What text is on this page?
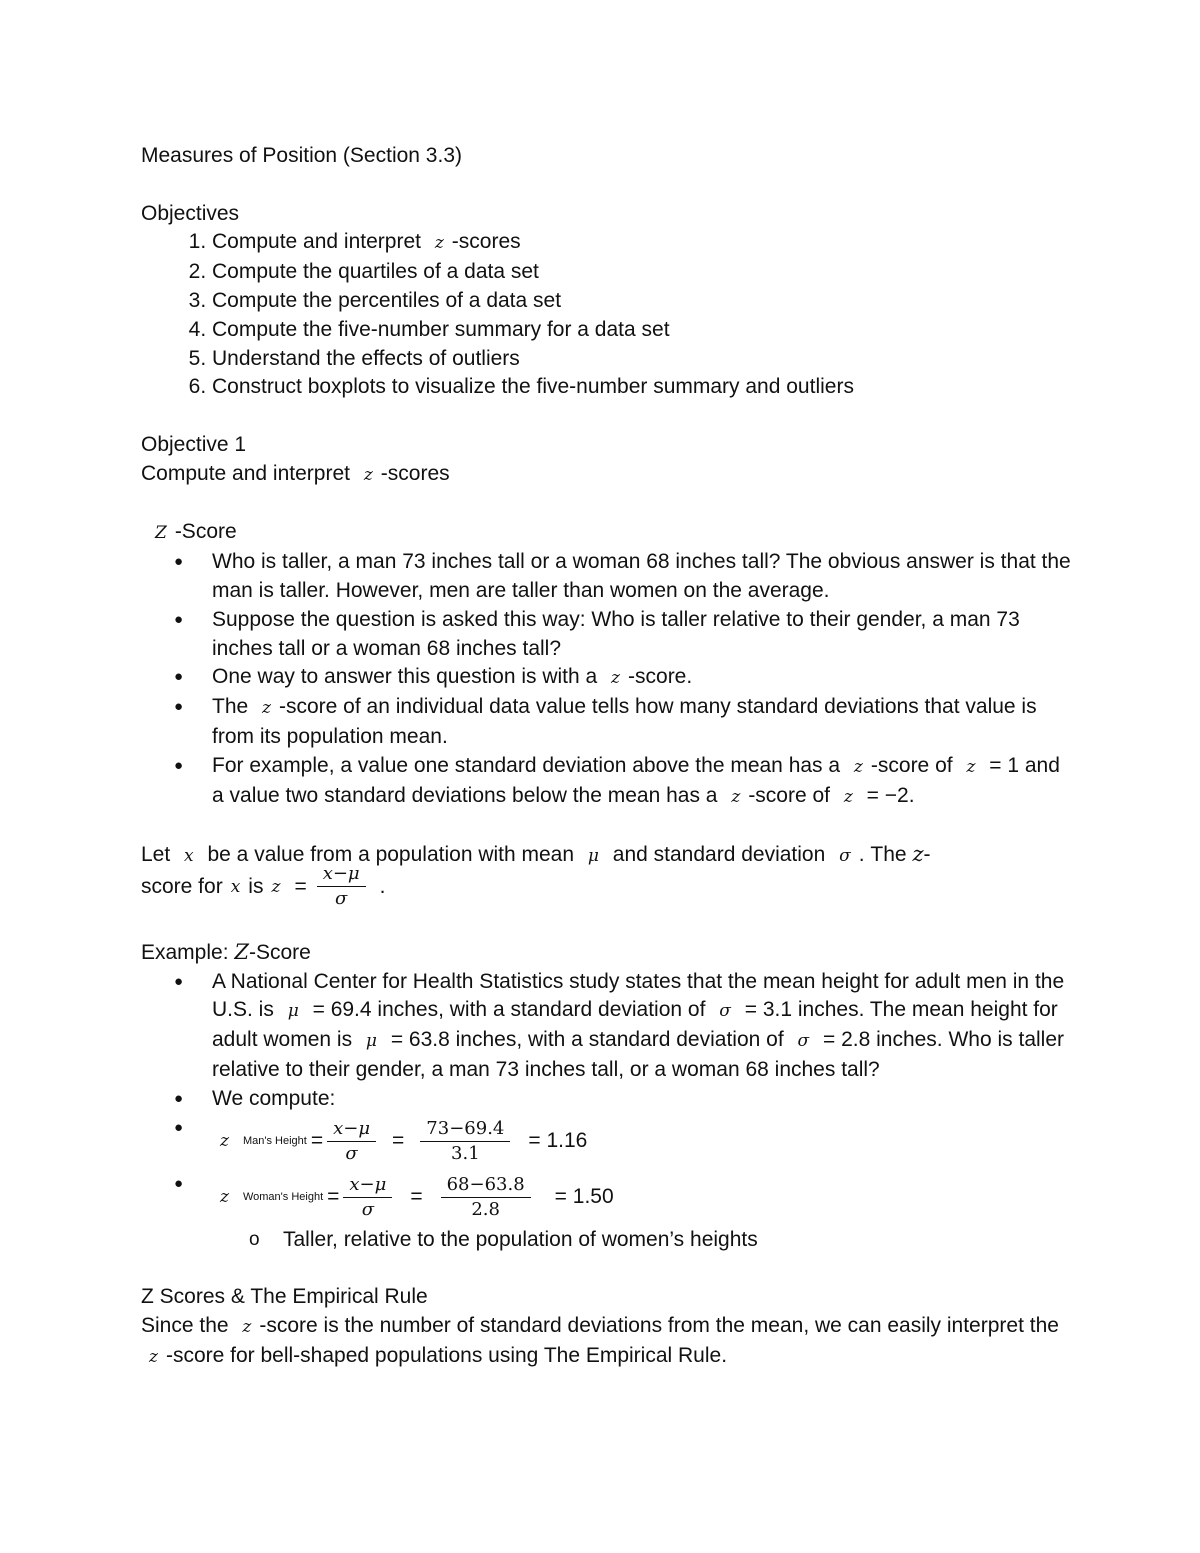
Measures of Position (Section 3.3)
Objectives
1. Compute and interpret z -scores
2. Compute the quartiles of a data set
3. Compute the percentiles of a data set
4. Compute the five-number summary for a data set
5. Understand the effects of outliers
6. Construct boxplots to visualize the five-number summary and outliers
Objective 1
Compute and interpret z -scores
Z -Score
● Who is taller, a man 73 inches tall or a woman 68 inches tall? The obvious answer is that the man is taller. However, men are taller than women on the average.
● Suppose the question is asked this way: Who is taller relative to their gender, a man 73 inches tall or a woman 68 inches tall?
● One way to answer this question is with a z -score.
● The z -score of an individual data value tells how many standard deviations that value is from its population mean.
● For example, a value one standard deviation above the mean has a z -score of z = 1 and a value two standard deviations below the mean has a z -score of z = −2.
Let x be a value from a population with mean μ and standard deviation σ . The z-
score for x is $z = \frac{x-\mu}{\sigma}$ .
Example: Z-Score
● A National Center for Health Statistics study states that the mean height for adult men in the U.S. is μ = 69.4 inches, with a standard deviation of σ = 3.1 inches. The mean height for adult women is μ = 63.8 inches, with a standard deviation of σ = 2.8 inches. Who is taller relative to their gender, a man 73 inches tall, or a woman 68 inches tall?
● We compute:
● z	Man's Height = $\frac{x-\mu}{\sigma} = \frac{73-69.4}{3.1} = 1.16$
● z	Woman's Height = $\frac{x-\mu}{\sigma}$ =	$\frac{68-63.8}{2.8}$	= 1.50
o Taller, relative to the population of women’s heights
Z Scores & The Empirical Rule
Since the z -score is the number of standard deviations from the mean, we can easily interpret the z -score for bell-shaped populations using The Empirical Rule.
